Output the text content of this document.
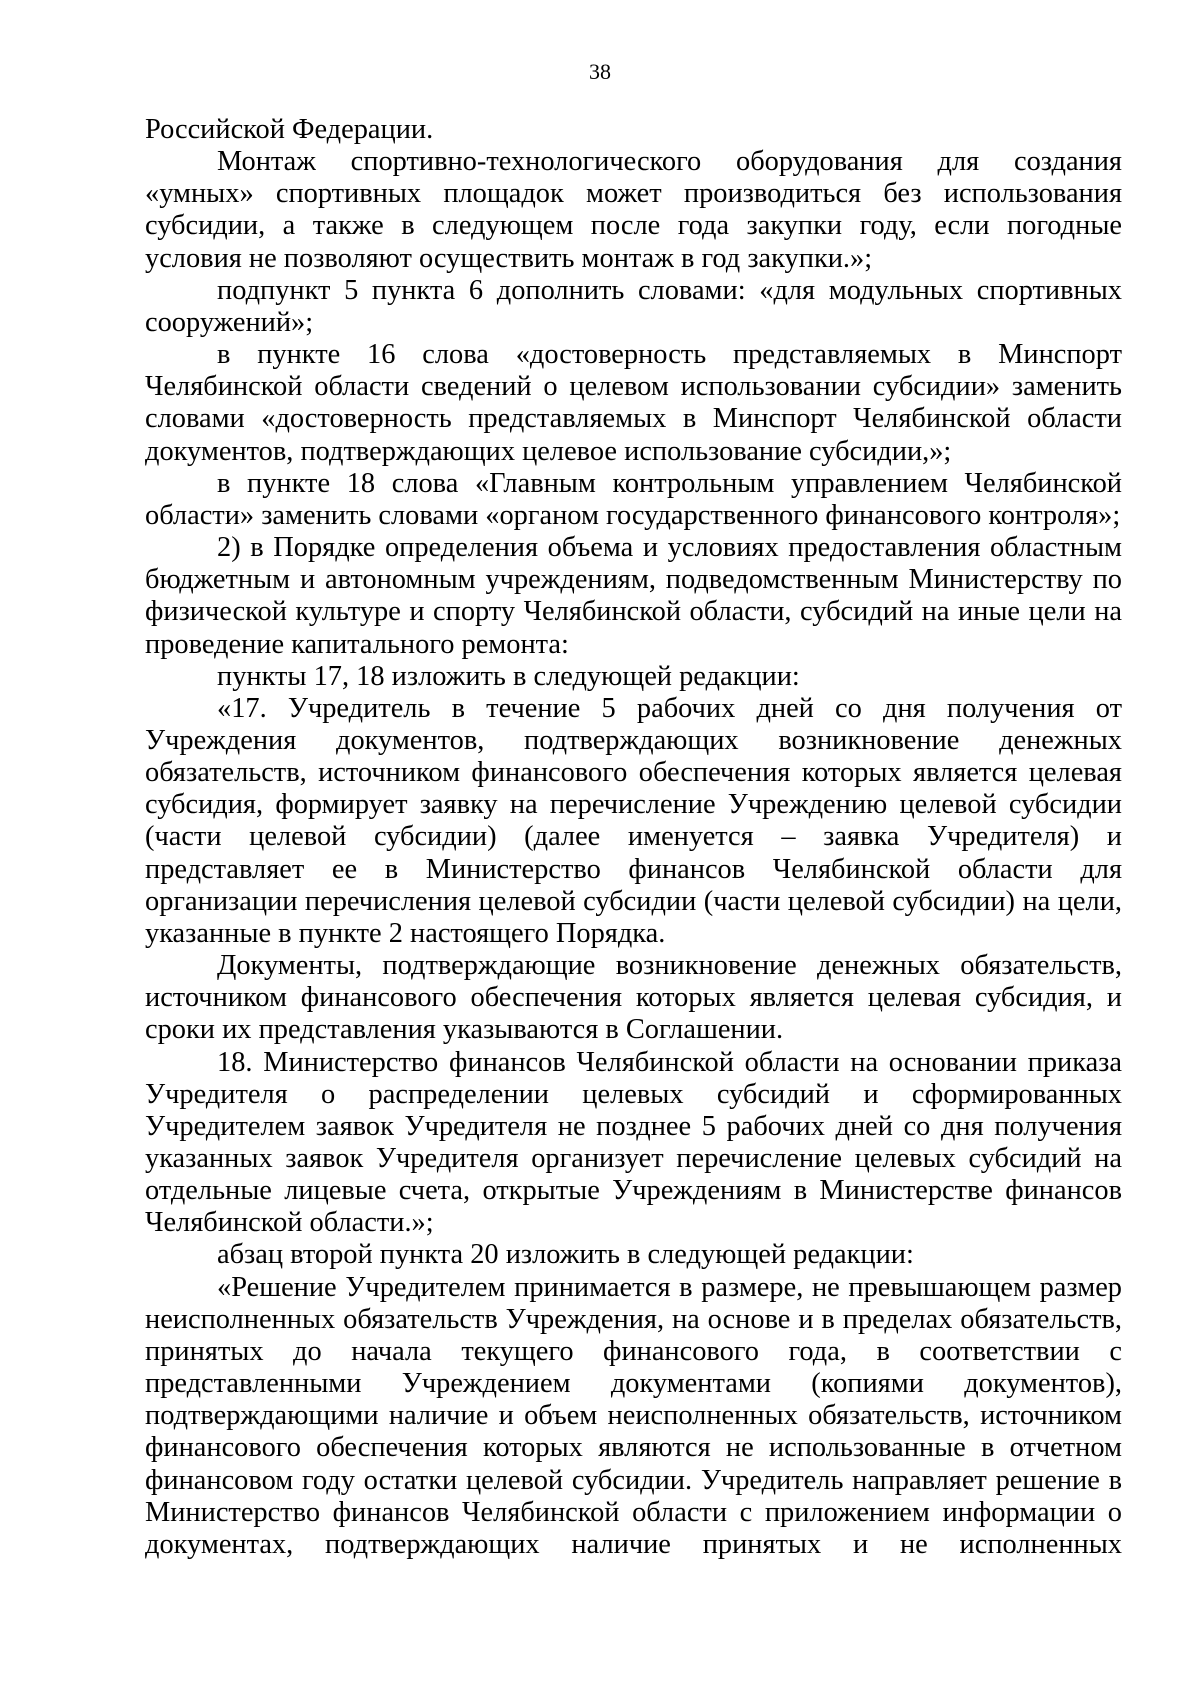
38

Российской Федерации.

Монтаж спортивно-технологического оборудования для создания «умных» спортивных площадок может производиться без использования субсидии, а также в следующем после года закупки году, если погодные условия не позволяют осуществить монтаж в год закупки.»;

подпункт 5 пункта 6 дополнить словами: «для модульных спортивных сооружений»;

в пункте 16 слова «достоверность представляемых в Минспорт Челябинской области сведений о целевом использовании субсидии» заменить словами «достоверность представляемых в Минспорт Челябинской области документов, подтверждающих целевое использование субсидии,»;

в пункте 18 слова «Главным контрольным управлением Челябинской области» заменить словами «органом государственного финансового контроля»;

2) в Порядке определения объема и условиях предоставления областным бюджетным и автономным учреждениям, подведомственным Министерству по физической культуре и спорту Челябинской области, субсидий на иные цели на проведение капитального ремонта:

пункты 17, 18 изложить в следующей редакции:

«17. Учредитель в течение 5 рабочих дней со дня получения от Учреждения документов, подтверждающих возникновение денежных обязательств, источником финансового обеспечения которых является целевая субсидия, формирует заявку на перечисление Учреждению целевой субсидии (части целевой субсидии) (далее именуется – заявка Учредителя) и представляет ее в Министерство финансов Челябинской области для организации перечисления целевой субсидии (части целевой субсидии) на цели, указанные в пункте 2 настоящего Порядка.

Документы, подтверждающие возникновение денежных обязательств, источником финансового обеспечения которых является целевая субсидия, и сроки их представления указываются в Соглашении.

18. Министерство финансов Челябинской области на основании приказа Учредителя о распределении целевых субсидий и сформированных Учредителем заявок Учредителя не позднее 5 рабочих дней со дня получения указанных заявок Учредителя организует перечисление целевых субсидий на отдельные лицевые счета, открытые Учреждениям в Министерстве финансов Челябинской области.»;

абзац второй пункта 20 изложить в следующей редакции:

«Решение Учредителем принимается в размере, не превышающем размер неисполненных обязательств Учреждения, на основе и в пределах обязательств, принятых до начала текущего финансового года, в соответствии с представленными Учреждением документами (копиями документов), подтверждающими наличие и объем неисполненных обязательств, источником финансового обеспечения которых являются не использованные в отчетном финансовом году остатки целевой субсидии. Учредитель направляет решение в Министерство финансов Челябинской области с приложением информации о документах, подтверждающих наличие принятых и не исполненных
